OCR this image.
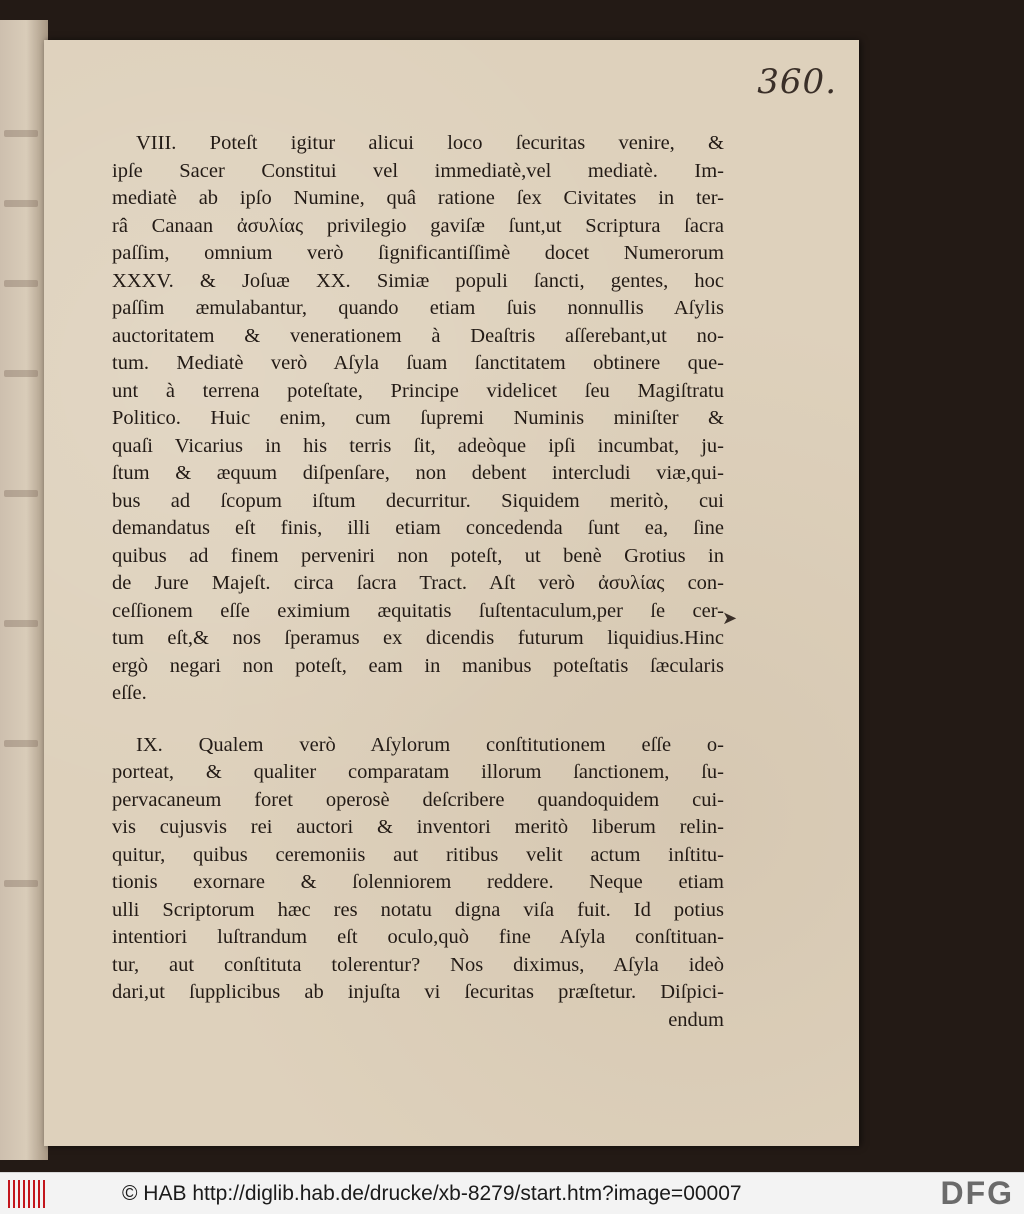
360.
VIII. Poteſt igitur alicui loco ſecuritas venire, &
ipſe Sacer Constitui vel immediatè,vel mediatè. Im-
mediatè ab ipſo Numine, quâ ratione ſex Civitates in ter-
râ Canaan ἀσυλίας privilegio gaviſæ ſunt,ut Scriptura ſacra
paſſim, omnium verò ſignificantiſſimè docet Numerorum
XXXV. & Joſuæ XX. Simiæ populi ſancti, gentes, hoc
paſſim æmulabantur, quando etiam ſuis nonnullis Aſylis
auctoritatem & venerationem à Deaſtris aſſerebant,ut no-
tum. Mediatè verò Aſyla ſuam ſanctitatem obtinere que-
unt à terrena poteſtate, Principe videlicet ſeu Magiſtratu
Politico. Huic enim, cum ſupremi Numinis miniſter &
quaſi Vicarius in his terris ſit, adeòque ipſi incumbat, ju-
ſtum & æquum diſpenſare, non debent intercludi viæ,qui-
bus ad ſcopum iſtum decurritur. Siquidem meritò, cui
demandatus eſt finis, illi etiam concedenda ſunt ea, ſine
quibus ad finem perveniri non poteſt, ut benè Grotius in
de Jure Majeſt. circa ſacra Tract. Aſt verò ἀσυλίας con-
ceſſionem eſſe eximium æquitatis ſuſtentaculum,per ſe cer-
tum eſt,& nos ſperamus ex dicendis futurum liquidius.Hinc
ergò negari non poteſt, eam in manibus poteſtatis ſæcularis
eſſe.
IX. Qualem verò Aſylorum conſtitutionem eſſe o-
porteat, & qualiter comparatam illorum ſanctionem, ſu-
pervacaneum foret operosè deſcribere quandoquidem cui-
vis cujusvis rei auctori & inventori meritò liberum relin-
quitur, quibus ceremoniis aut ritibus velit actum inſtitu-
tionis exornare & ſolenniorem reddere. Neque etiam
ulli Scriptorum hæc res notatu digna viſa fuit. Id potius
intentiori luſtrandum eſt oculo,quò fine Aſyla conſtituan-
tur, aut conſtituta tolerentur? Nos diximus, Aſyla ideò
dari,ut ſupplicibus ab injuſta vi ſecuritas præſtetur. Diſpici-
endum
➤
© HAB http://diglib.hab.de/drucke/xb-8279/start.htm?image=00007	DFG
